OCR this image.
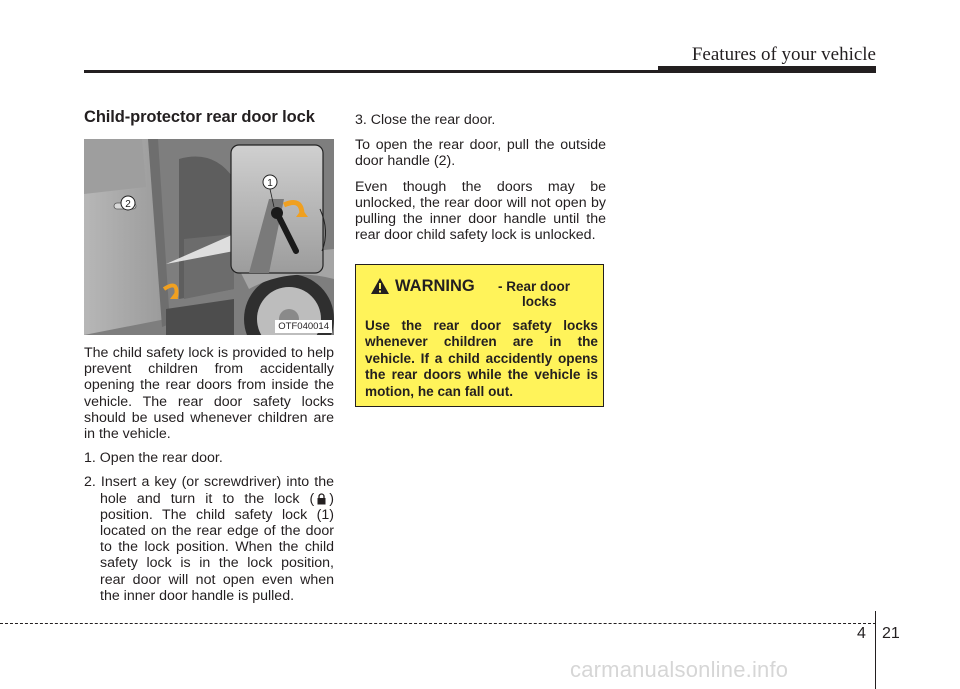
Features of your vehicle
Child-protector rear door lock
1
2
OTF040014

The child safety lock is provided to help prevent children from accidentally opening the rear doors from inside the vehicle. The rear door safety locks should be used whenever children are in the vehicle.

1. Open the rear door.
2. Insert a key (or screwdriver) into the hole and turn it to the lock ( ) position. The child safety lock (1) located on the rear edge of the door to the lock position. When the child safety lock is in the lock position, rear door will not open even when the inner door handle is pulled.
3. Close the rear door.

To open the rear door, pull the outside door handle (2).

Even though the doors may be unlocked, the rear door will not open by pulling the inner door handle until the rear door child safety lock is unlocked.

WARNING - Rear door
locks
Use the rear door safety locks whenever children are in the vehicle. If a child accidently opens the rear doors while the vehicle is motion, he can fall out.
4 21
carmanualsonline.info
